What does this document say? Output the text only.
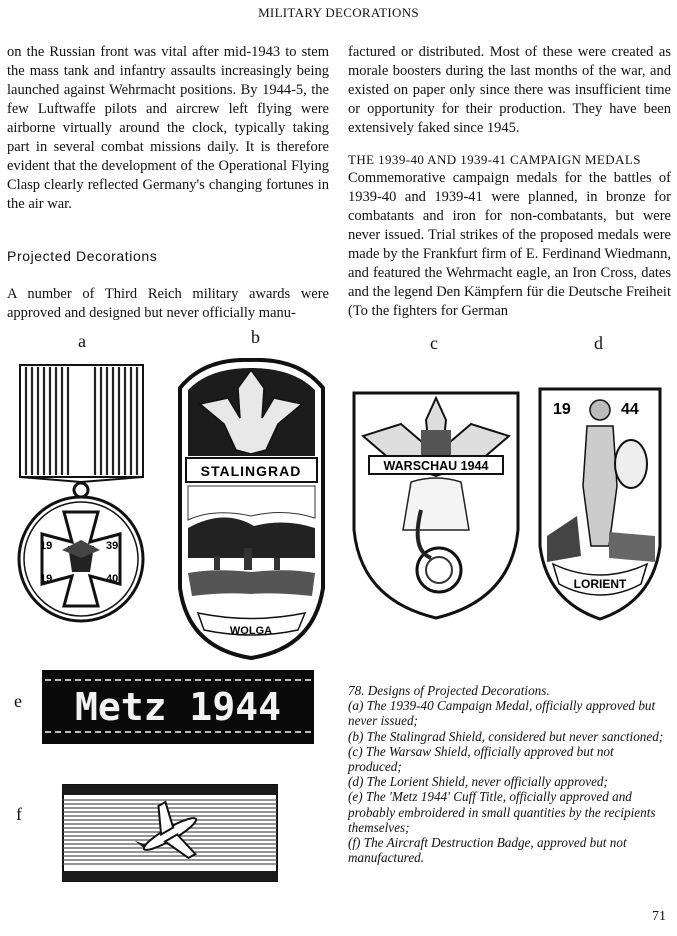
MILITARY DECORATIONS

on the Russian front was vital after mid-1943 to stem the mass tank and infantry assaults increasingly being launched against Wehrmacht positions. By 1944-5, the few Luftwaffe pilots and aircrew left flying were airborne virtually around the clock, typically taking part in several combat missions daily. It is therefore evident that the development of the Operational Flying Clasp clearly reflected Germany's changing fortunes in the air war.

Projected Decorations

A number of Third Reich military awards were approved and designed but never officially manu-

factured or distributed. Most of these were created as morale boosters during the last months of the war, and existed on paper only since there was insufficient time or opportunity for their production. They have been extensively faked since 1945.

THE 1939-40 AND 1939-41 CAMPAIGN MEDALS

Commemorative campaign medals for the battles of 1939-40 and 1939-41 were planned, in bronze for combatants and iron for non-combatants, but were never issued. Trial strikes of the proposed medals were made by the Frankfurt firm of E. Ferdinand Wiedmann, and featured the Wehrmacht eagle, an Iron Cross, dates and the legend Den Kämpfern für die Deutsche Freiheit (To the fighters for German

a	b	c	d
e
f
19	39
19	40
STALINGRAD
WOLGA
WARSCHAU 1944
19	44
LORIENT
Metz 1944	78. Designs of Projected Decorations.

(a) The 1939-40 Campaign Medal, officially approved but never issued;

(b) The Stalingrad Shield, considered but never sanctioned;

(c) The Warsaw Shield, officially approved but not produced;

(d) The Lorient Shield, never officially approved;

(e) The 'Metz 1944' Cuff Title, officially approved and probably embroidered in small quantities by the recipients themselves;

(f) The Aircraft Destruction Badge, approved but not manufactured.

71
